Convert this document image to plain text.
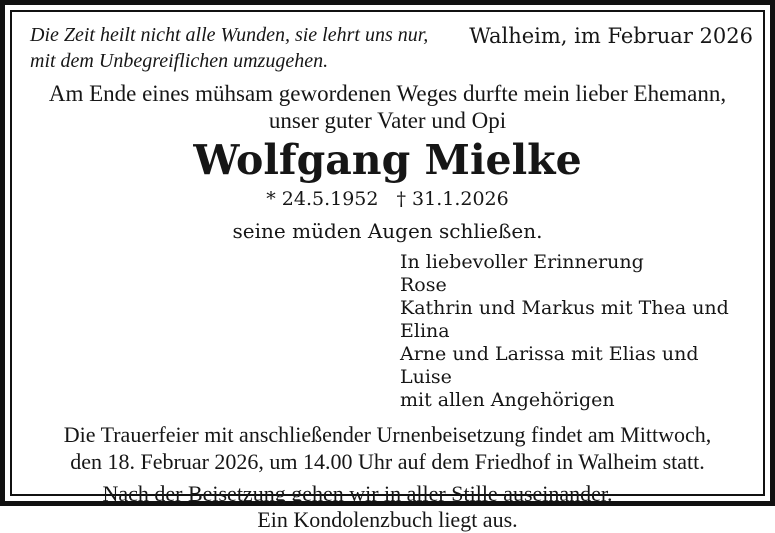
Die Zeit heilt nicht alle Wunden, sie lehrt uns nur,
mit dem Unbegreiflichen umzugehen.
Walheim, im Februar 2026
Am Ende eines mühsam gewordenen Weges durfte mein lieber Ehemann,
unser guter Vater und Opi
Wolfgang Mielke
* 24.5.1952 † 31.1.2026
seine müden Augen schließen.
In liebevoller Erinnerung
Rose
Kathrin und Markus mit Thea und Elina
Arne und Larissa mit Elias und Luise
mit allen Angehörigen
Die Trauerfeier mit anschließender Urnenbeisetzung findet am Mittwoch,
den 18. Februar 2026, um 14.00 Uhr auf dem Friedhof in Walheim statt.
Nach der Beisetzung gehen wir in aller Stille auseinander.
Ein Kondolenzbuch liegt aus.
